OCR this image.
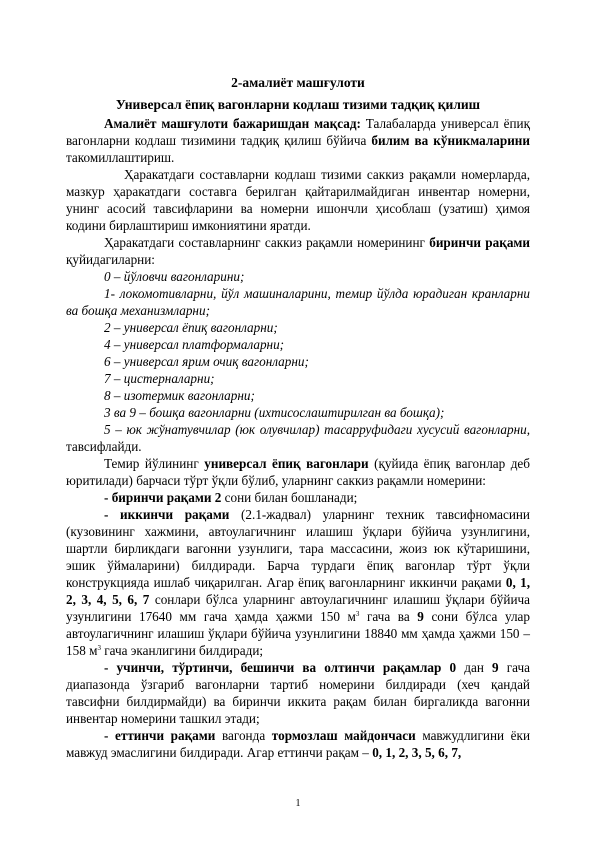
2-амалиёт машғулоти
Универсал ёпиқ вагонларни кодлаш тизими тадқиқ қилиш

Амалиёт машғулоти бажаришдан мақсад: Талабаларда универсал ёпиқ вагонларни кодлаш тизимини тадқиқ қилиш бўйича билим ва кўникмаларини такомиллаштириш.

Ҳаракатдаги составларни кодлаш тизими саккиз рақамли номерларда, мазкур ҳаракатдаги составга берилган қайтарилмайдиган инвентар номерни, унинг асосий тавсифларини ва номерни ишончли ҳисоблаш (узатиш) ҳимоя кодини бирлаштириш имкониятини яратди.

Ҳаракатдаги составларнинг саккиз рақамли номерининг биринчи рақами қуйидагиларни:

0 – йўловчи вагонларини;

1- локомотивларни, йўл машиналарини, темир йўлда юрадиган кранларни ва бошқа механизмларни;

2 – универсал ёпиқ вагонларни;

4 – универсал платформаларни;

6 – универсал ярим очиқ вагонларни;

7 – цистерналарни;

8 – изотермик вагонларни;

3 ва 9 – бошқа вагонларни (ихтисослаштирилган ва бошқа);

5 – юк жўнатувчилар (юк олувчилар) тасарруфидаги хусусий вагонларни, тавсифлайди.

Темир йўлининг универсал ёпиқ вагонлари (қуйида ёпиқ вагонлар деб юритилади) барчаси тўрт ўқли бўлиб, уларнинг саккиз рақамли номерини:

- биринчи рақами 2 сони билан бошланади;

- иккинчи рақами (2.1-жадвал) уларнинг техник тавсифномасини (кузовининг хажмини, автоулагичнинг илашиш ўқлари бўйича узунлигини, шартли бирликдаги вагонни узунлиги, тара массасини, жоиз юк кўтаришини, эшик ўймаларини) билдиради. Барча турдаги ёпиқ вагонлар тўрт ўқли конструкцияда ишлаб чиқарилган. Агар ёпиқ вагонларнинг иккинчи рақами 0, 1, 2, 3, 4, 5, 6, 7 сонлари бўлса уларнинг автоулагичнинг илашиш ўқлари бўйича узунлигини 17640 мм гача ҳамда ҳажми 150 $м^3$ гача ва 9 сони бўлса улар автоулагичнинг илашиш ўқлари бўйича узунлигини 18840 мм ҳамда ҳажми 150 – 158 $м^3$ гача эканлигини билдиради;

- учинчи, тўртинчи, бешинчи ва олтинчи рақамлар 0 дан 9 гача диапазонда ўзгариб вагонларни тартиб номерини билдиради (хеч қандай тавсифни билдирмайди) ва биринчи иккита рақам билан биргаликда вагонни инвентар номерини ташкил этади;

- еттинчи рақами вагонда тормозлаш майдончаси мавжудлигини ёки мавжуд эмаслигини билдиради. Агар еттинчи рақам – 0, 1, 2, 3, 5, 6, 7,

1
